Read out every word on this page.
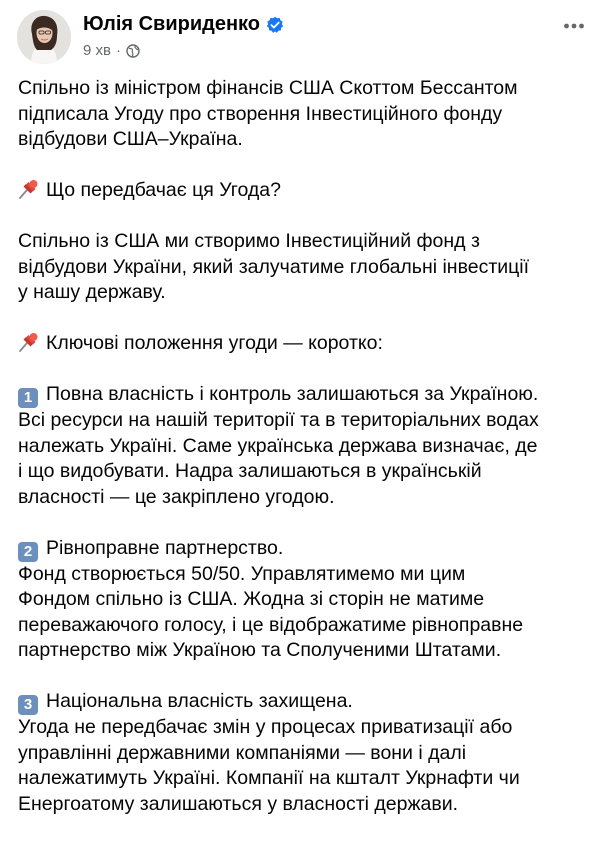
Юлія Свириденко
9 хв ·
Спільно із міністром фінансів США Скоттом Бессантом
підписала Угоду про створення Інвестиційного фонду
відбудови США–Україна.
Що передбачає ця Угода?
Спільно із США ми створимо Інвестиційний фонд з
відбудови України, який залучатиме глобальні інвестиції
у нашу державу.
Ключові положення угоди — коротко:
1 Повна власність і контроль залишаються за Україною.
Всі ресурси на нашій території та в територіальних водах
належать Україні. Саме українська держава визначає, де
і що видобувати. Надра залишаються в українській
власності — це закріплено угодою.
2 Рівноправне партнерство.
Фонд створюється 50/50. Управлятимемо ми цим
Фондом спільно із США. Жодна зі сторін не матиме
переважаючого голосу, і це відображатиме рівноправне
партнерство між Україною та Сполученими Штатами.
3 Національна власність захищена.
Угода не передбачає змін у процесах приватизації або
управлінні державними компаніями — вони і далі
належатимуть Україні. Компанії на кшталт Укрнафти чи
Енергоатому залишаються у власності держави.
